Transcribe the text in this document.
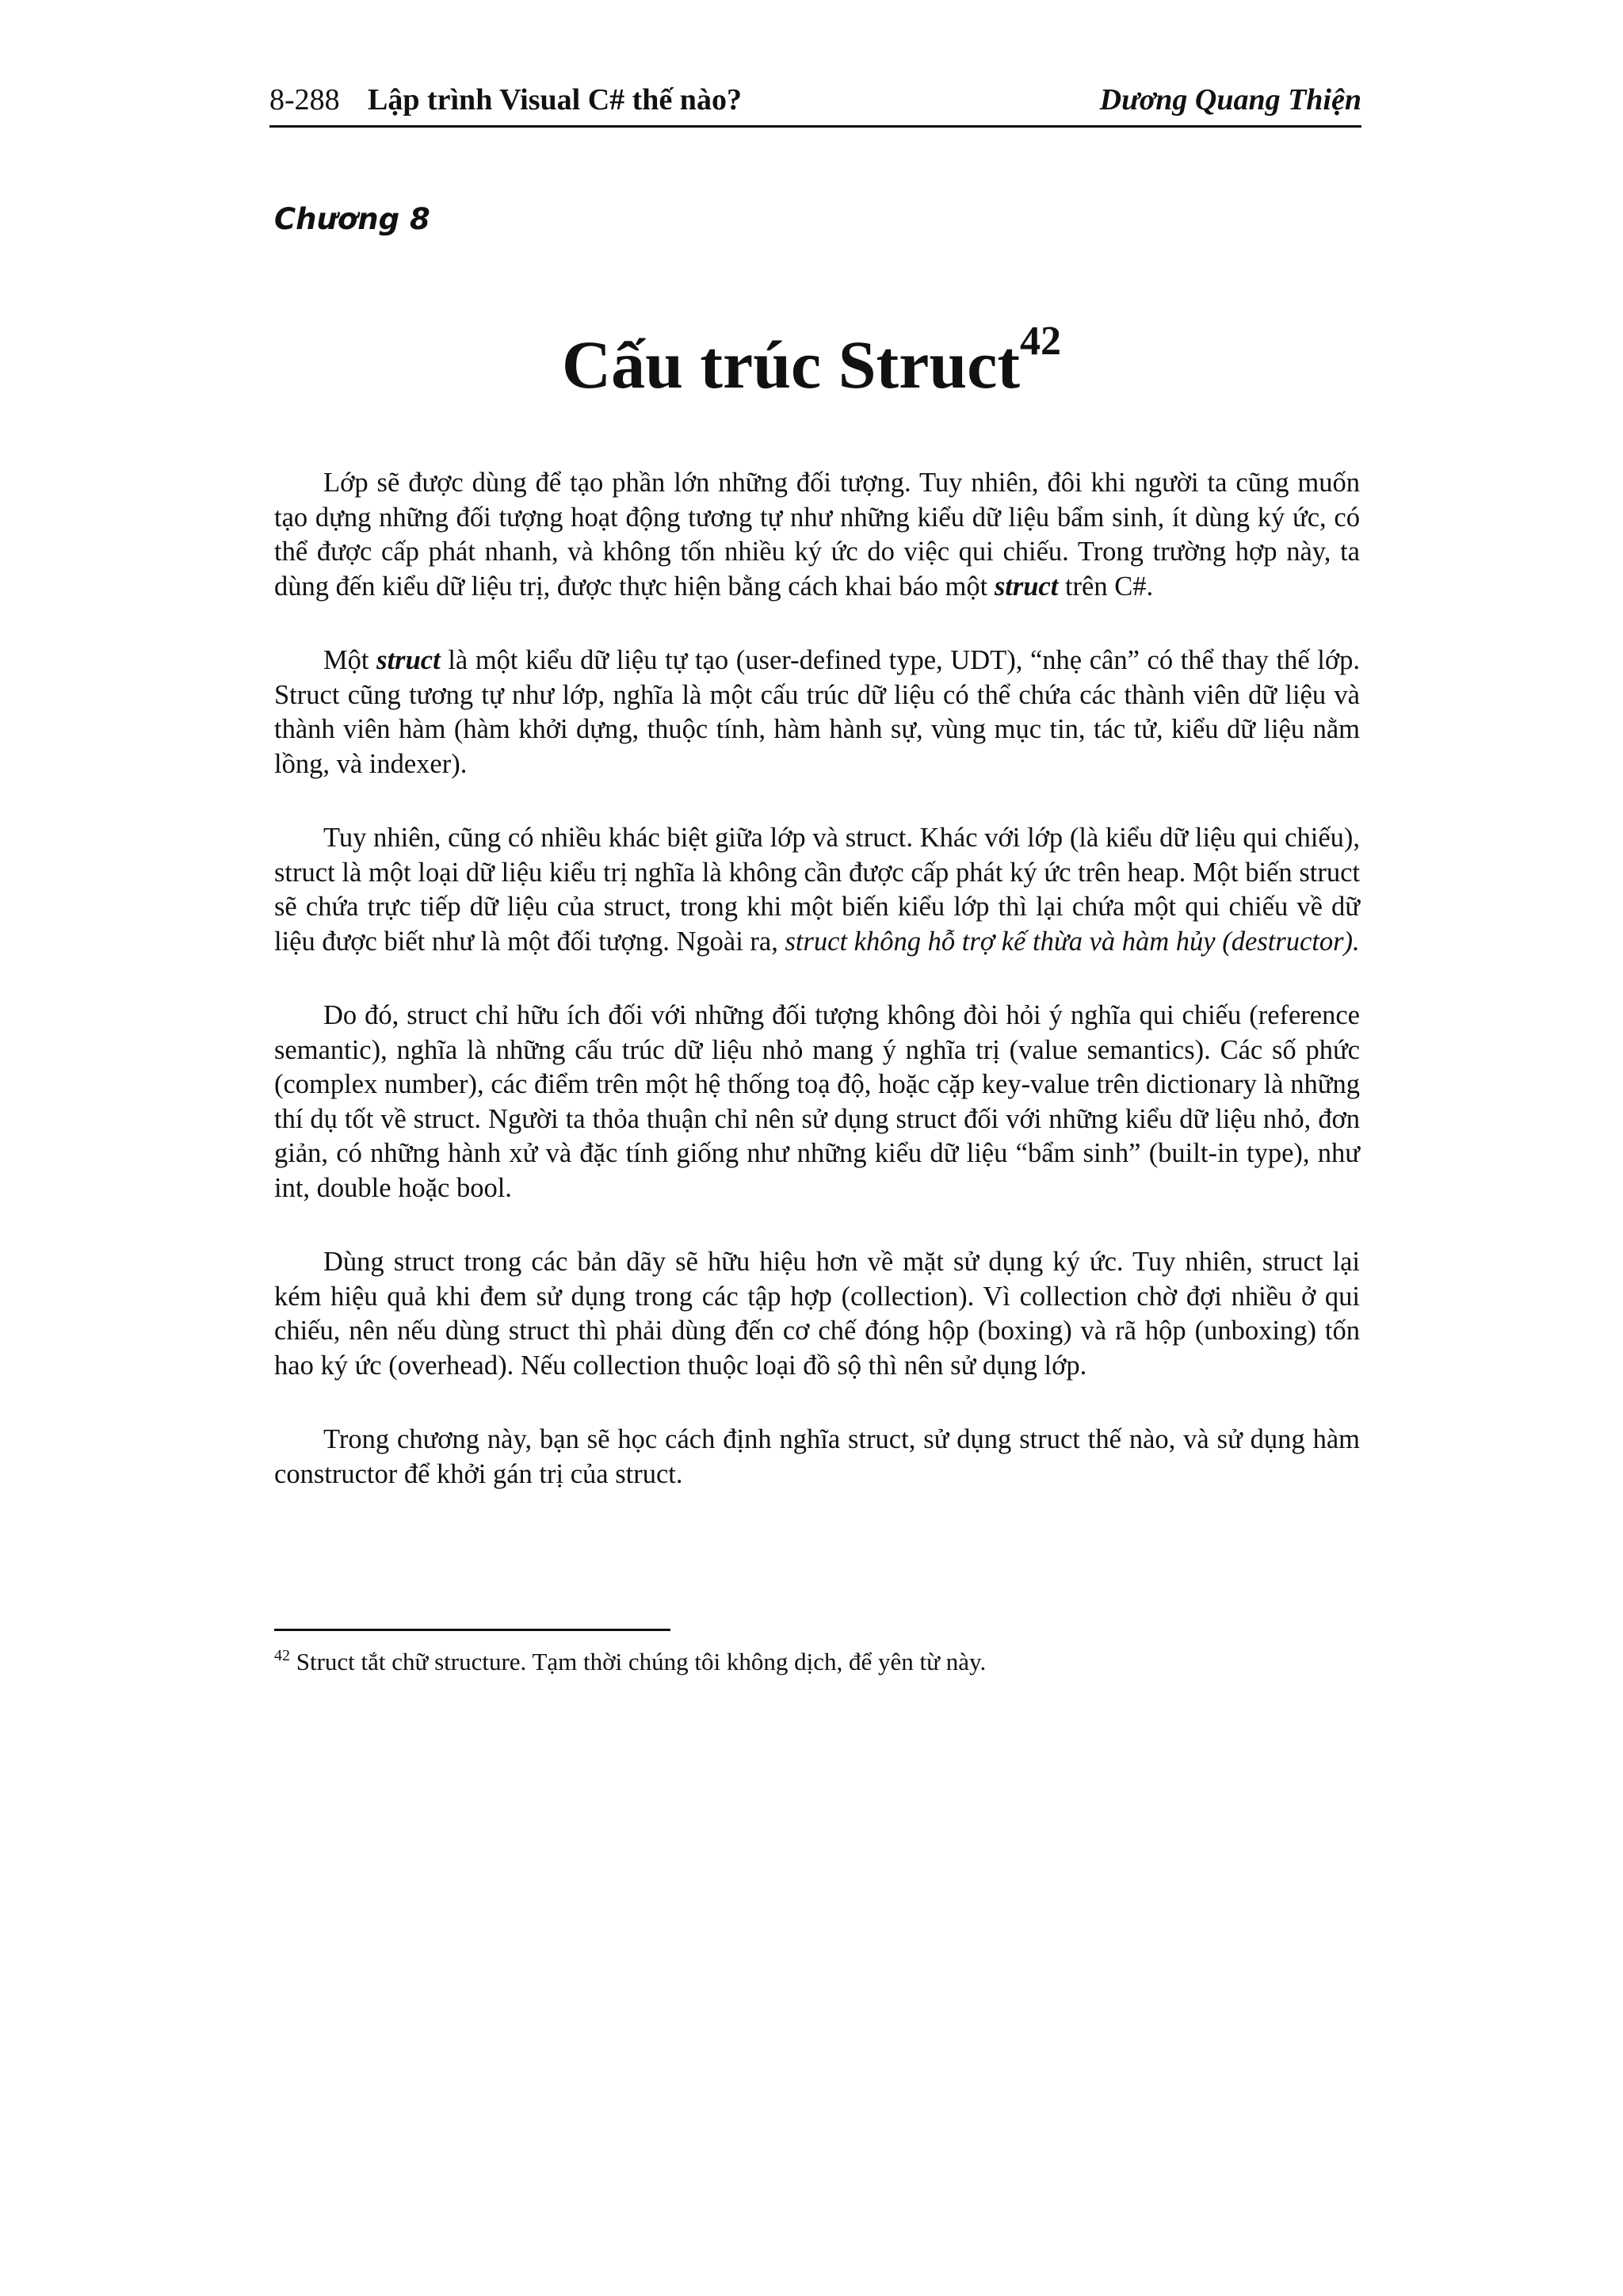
8-288 Lập trình Visual C# thế nào?	Dương Quang Thiện
Chương 8
Cấu trúc Struct$^{42}$

Lớp sẽ được dùng để tạo phần lớn những đối tượng. Tuy nhiên, đôi khi người ta cũng muốn tạo dựng những đối tượng hoạt động tương tự như những kiểu dữ liệu bẩm sinh, ít dùng ký ức, có thể được cấp phát nhanh, và không tốn nhiều ký ức do việc qui chiếu. Trong trường hợp này, ta dùng đến kiểu dữ liệu trị, được thực hiện bằng cách khai báo một struct trên C#.

Một struct là một kiểu dữ liệu tự tạo (user-defined type, UDT), “nhẹ cân” có thể thay thế lớp. Struct cũng tương tự như lớp, nghĩa là một cấu trúc dữ liệu có thể chứa các thành viên dữ liệu và thành viên hàm (hàm khởi dựng, thuộc tính, hàm hành sự, vùng mục tin, tác tử, kiểu dữ liệu nằm lồng, và indexer).

Tuy nhiên, cũng có nhiều khác biệt giữa lớp và struct. Khác với lớp (là kiểu dữ liệu qui chiếu), struct là một loại dữ liệu kiểu trị nghĩa là không cần được cấp phát ký ức trên heap. Một biến struct sẽ chứa trực tiếp dữ liệu của struct, trong khi một biến kiểu lớp thì lại chứa một qui chiếu về dữ liệu được biết như là một đối tượng. Ngoài ra, struct không hỗ trợ kế thừa và hàm hủy (destructor).

Do đó, struct chỉ hữu ích đối với những đối tượng không đòi hỏi ý nghĩa qui chiếu (reference semantic), nghĩa là những cấu trúc dữ liệu nhỏ mang ý nghĩa trị (value semantics). Các số phức (complex number), các điểm trên một hệ thống toạ độ, hoặc cặp key-value trên dictionary là những thí dụ tốt về struct. Người ta thỏa thuận chỉ nên sử dụng struct đối với những kiểu dữ liệu nhỏ, đơn giản, có những hành xử và đặc tính giống như những kiểu dữ liệu “bẩm sinh” (built-in type), như int, double hoặc bool.

Dùng struct trong các bản dãy sẽ hữu hiệu hơn về mặt sử dụng ký ức. Tuy nhiên, struct lại kém hiệu quả khi đem sử dụng trong các tập hợp (collection). Vì collection chờ đợi nhiều ở qui chiếu, nên nếu dùng struct thì phải dùng đến cơ chế đóng hộp (boxing) và rã hộp (unboxing) tốn hao ký ức (overhead). Nếu collection thuộc loại đồ sộ thì nên sử dụng lớp.

Trong chương này, bạn sẽ học cách định nghĩa struct, sử dụng struct thế nào, và sử dụng hàm constructor để khởi gán trị của struct.

$^{42}$ Struct tắt chữ structure. Tạm thời chúng tôi không dịch, để yên từ này.
